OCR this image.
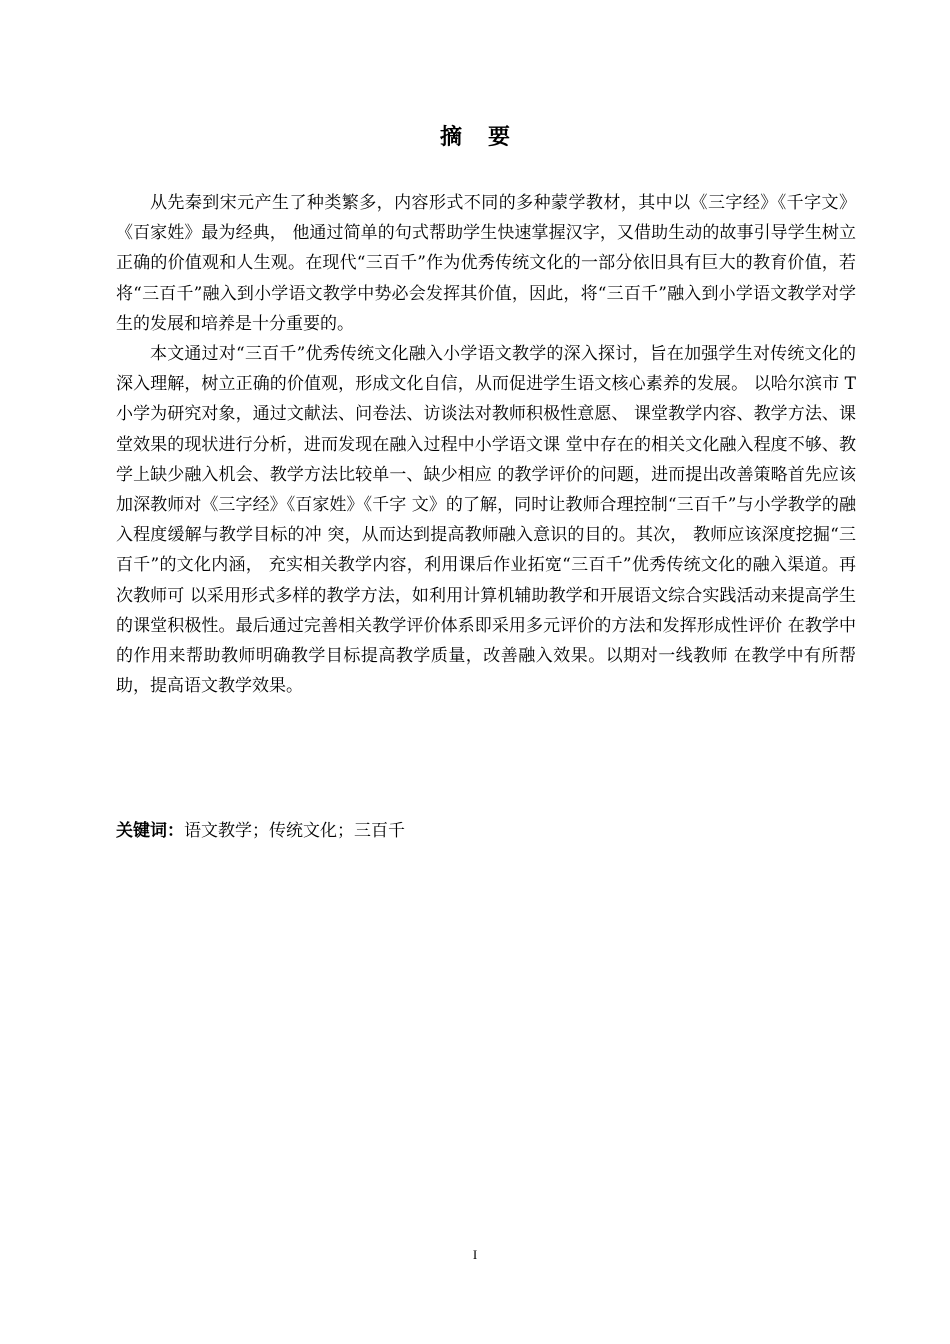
摘要

从先秦到宋元产生了种类繁多，内容形式不同的多种蒙学教材，其中以《三字经》《千字文》《百家姓》最为经典， 他通过简单的句式帮助学生快速掌握汉字，又借助生动的故事引导学生树立正确的价值观和人生观。在现代“三百千”作为优秀传统文化的一部分依旧具有巨大的教育价值，若将“三百千”融入到小学语文教学中势必会发挥其价值，因此，将“三百千”融入到小学语文教学对学生的发展和培养是十分重要的。

本文通过对“三百千”优秀传统文化融入小学语文教学的深入探讨，旨在加强学生对传统文化的深入理解，树立正确的价值观，形成文化自信，从而促进学生语文核心素养的发展。 以哈尔滨市 T 小学为研究对象，通过文献法、问卷法、访谈法对教师积极性意愿、 课堂教学内容、教学方法、课堂效果的现状进行分析，进而发现在融入过程中小学语文课 堂中存在的相关文化融入程度不够、教学上缺少融入机会、教学方法比较单一、缺少相应 的教学评价的问题，进而提出改善策略首先应该加深教师对《三字经》《百家姓》《千字 文》的了解，同时让教师合理控制“三百千”与小学教学的融入程度缓解与教学目标的冲 突，从而达到提高教师融入意识的目的。其次， 教师应该深度挖掘“三百千”的文化内涵， 充实相关教学内容，利用课后作业拓宽“三百千”优秀传统文化的融入渠道。再次教师可 以采用形式多样的教学方法，如利用计算机辅助教学和开展语文综合实践活动来提高学生 的课堂积极性。最后通过完善相关教学评价体系即采用多元评价的方法和发挥形成性评价 在教学中的作用来帮助教师明确教学目标提高教学质量，改善融入效果。以期对一线教师 在教学中有所帮助，提高语文教学效果。

关键词：语文教学；传统文化；三百千
I
